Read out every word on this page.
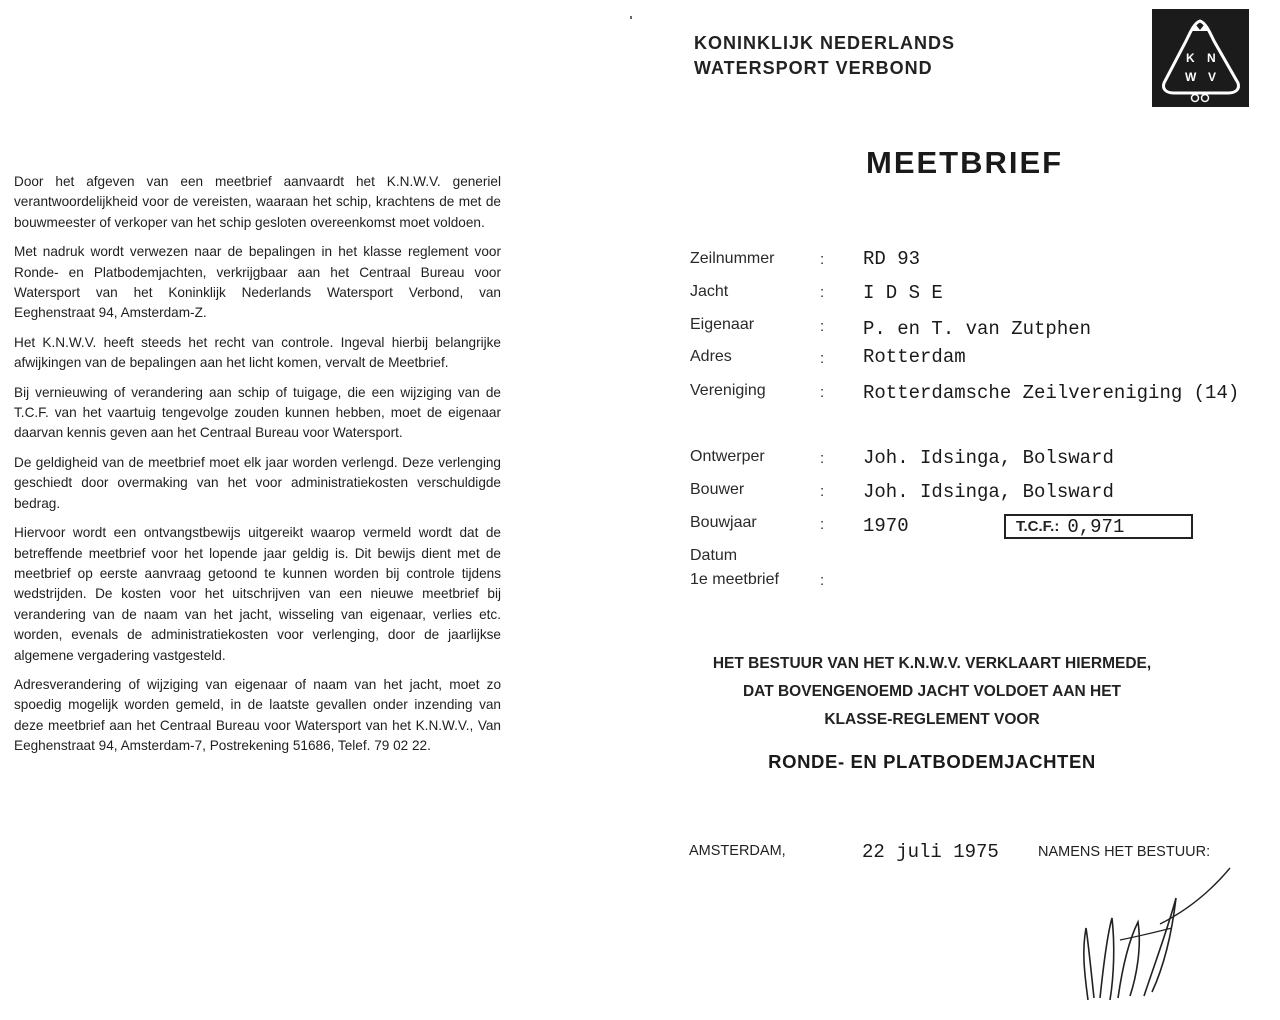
Door het afgeven van een meetbrief aanvaardt het K.N.W.V. generiel verantwoordelijkheid voor de vereisten, waaraan het schip, krachtens de met de bouwmeester of verkoper van het schip gesloten overeenkomst moet voldoen.

Met nadruk wordt verwezen naar de bepalingen in het klasse reglement voor Ronde- en Platbodemjachten, verkrijgbaar aan het Centraal Bureau voor Watersport van het Koninklijk Nederlands Watersport Verbond, van Eeghenstraat 94, Amsterdam-Z.

Het K.N.W.V. heeft steeds het recht van controle. Ingeval hierbij belangrijke afwijkingen van de bepalingen aan het licht komen, vervalt de Meetbrief.

Bij vernieuwing of verandering aan schip of tuigage, die een wijziging van de T.C.F. van het vaartuig tengevolge zouden kunnen hebben, moet de eigenaar daarvan kennis geven aan het Centraal Bureau voor Watersport.

De geldigheid van de meetbrief moet elk jaar worden verlengd. Deze verlenging geschiedt door overmaking van het voor administratiekosten verschuldigde bedrag.

Hiervoor wordt een ontvangstbewijs uitgereikt waarop vermeld wordt dat de betreffende meetbrief voor het lopende jaar geldig is. Dit bewijs dient met de meetbrief op eerste aanvraag getoond te kunnen worden bij controle tijdens wedstrijden. De kosten voor het uitschrijven van een nieuwe meetbrief bij verandering van de naam van het jacht, wisseling van eigenaar, verlies etc. worden, evenals de administratiekosten voor verlenging, door de jaarlijkse algemene vergadering vastgesteld.

Adresverandering of wijziging van eigenaar of naam van het jacht, moet zo spoedig mogelijk worden gemeld, in de laatste gevallen onder inzending van deze meetbrief aan het Centraal Bureau voor Watersport van het K.N.W.V., Van Eeghenstraat 94, Amsterdam-7, Postrekening 51686, Telef. 79 02 22.

KONINKLIJK NEDERLANDS
WATERSPORT VERBOND	K N
W V
MEETBRIEF
Zeilnummer	: RD 93
Jacht	: I D S E
Eigenaar	: P. en T. van Zutphen
Adres	: Rotterdam
Vereniging	: Rotterdamsche Zeilvereniging (14)
Ontwerper	: Joh. Idsinga, Bolsward
Bouwer	: Joh. Idsinga, Bolsward
Bouwjaar	: 1970	T.C.F.: 0,971
Datum
1e meetbrief	:
HET BESTUUR VAN HET K.N.W.V. VERKLAART HIERMEDE,
DAT BOVENGENOEMD JACHT VOLDOET AAN HET
KLASSE-REGLEMENT VOOR
RONDE- EN PLATBODEMJACHTEN
AMSTERDAM,	22 juli 1975	NAMENS HET BESTUUR:
